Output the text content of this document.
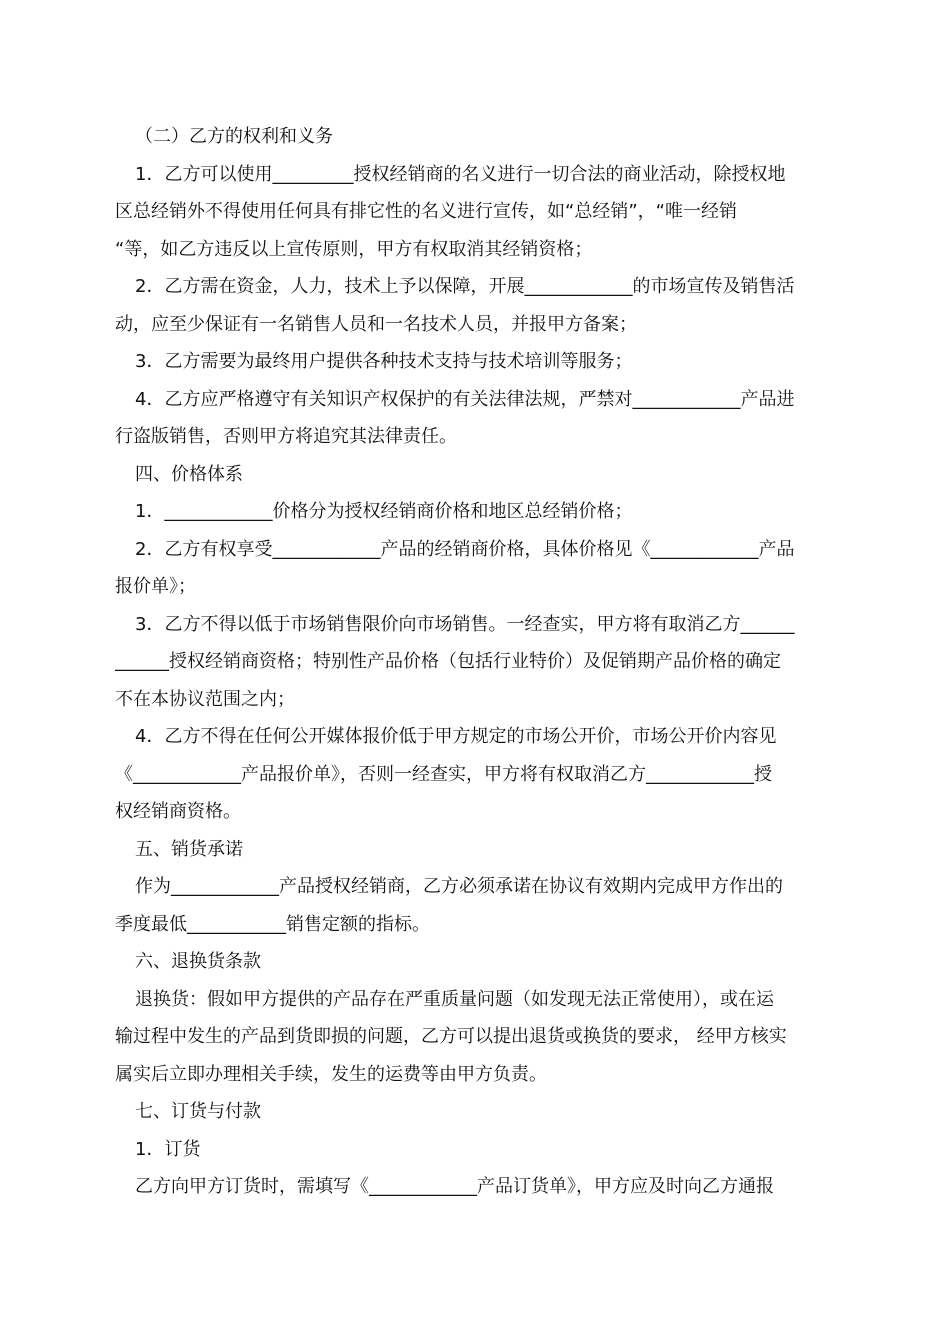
（二）乙方的权利和义务
1．乙方可以使用_________授权经销商的名义进行一切合法的商业活动，除授权地
区总经销外不得使用任何具有排它性的名义进行宣传，如“总经销”，“唯一经销
“等，如乙方违反以上宣传原则，甲方有权取消其经销资格；
2．乙方需在资金，人力，技术上予以保障，开展____________的市场宣传及销售活
动，应至少保证有一名销售人员和一名技术人员，并报甲方备案；
3．乙方需要为最终用户提供各种技术支持与技术培训等服务；
4．乙方应严格遵守有关知识产权保护的有关法律法规，严禁对____________产品进
行盗版销售，否则甲方将追究其法律责任。
四、价格体系
1．____________价格分为授权经销商价格和地区总经销价格；
2．乙方有权享受____________产品的经销商价格，具体价格见《____________产品
报价单》；
3．乙方不得以低于市场销售限价向市场销售。一经查实，甲方将有取消乙方______
______授权经销商资格；特别性产品价格（包括行业特价）及促销期产品价格的确定
不在本协议范围之内；
4．乙方不得在任何公开媒体报价低于甲方规定的市场公开价，市场公开价内容见
《____________产品报价单》，否则一经查实，甲方将有权取消乙方____________授
权经销商资格。
五、销货承诺
作为____________产品授权经销商，乙方必须承诺在协议有效期内完成甲方作出的
季度最低___________销售定额的指标。
六、退换货条款
退换货：假如甲方提供的产品存在严重质量问题（如发现无法正常使用），或在运
输过程中发生的产品到货即损的问题，乙方可以提出退货或换货的要求， 经甲方核实
属实后立即办理相关手续，发生的运费等由甲方负责。
七、订货与付款
1．订货
乙方向甲方订货时，需填写《____________产品订货单》，甲方应及时向乙方通报
